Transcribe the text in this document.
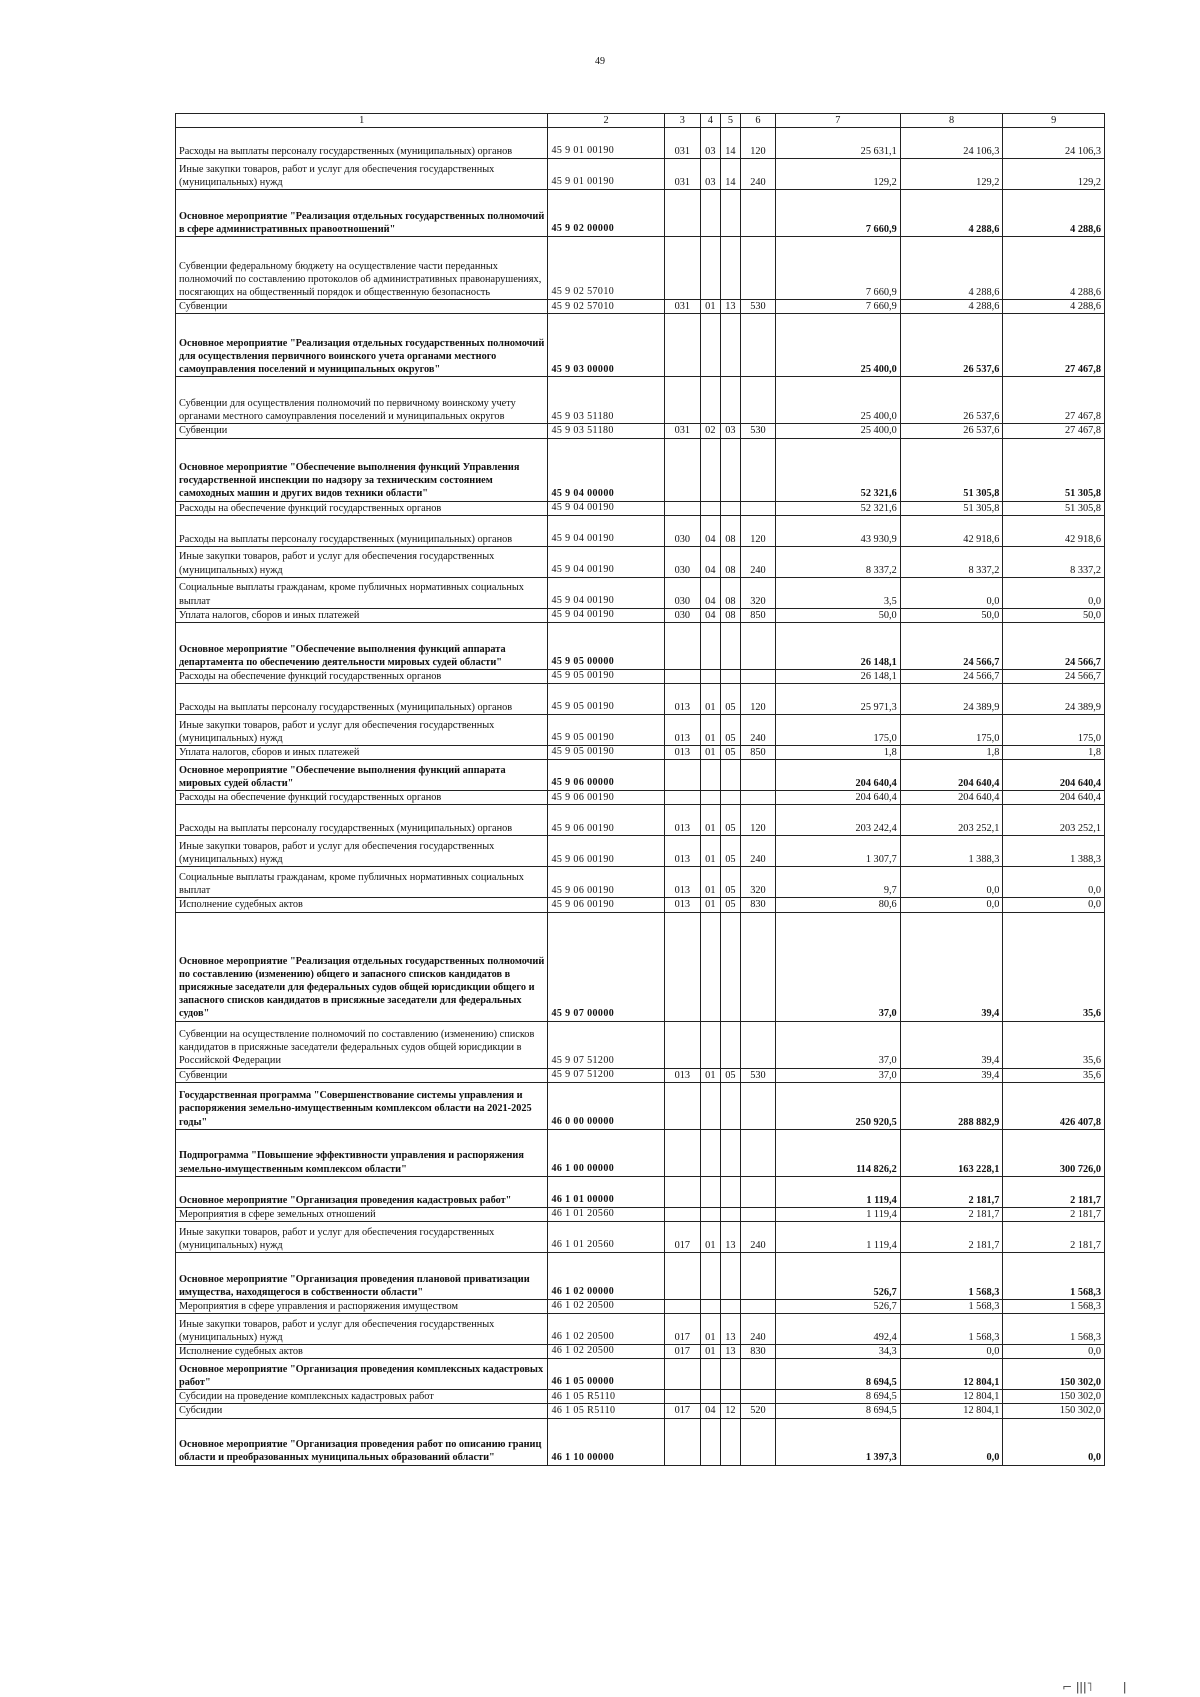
49
1	2	3	4	5	6	7	8	9
Расходы на выплаты персоналу государственных (муниципальных) органов	45 9 01 00190	031	03	14	120	25 631,1	24 106,3	24 106,3
Иные закупки товаров, работ и услуг для обеспечения государственных (муниципальных) нужд	45 9 01 00190	031	03	14	240	129,2	129,2	129,2
Основное мероприятие "Реализация отдельных государственных полномочий в сфере административных правоотношений"	45 9 02 00000					7 660,9	4 288,6	4 288,6
Субвенции федеральному бюджету на осуществление части переданных полномочий по составлению протоколов об административных правонарушениях, посягающих на общественный порядок и общественную безопасность	45 9 02 57010					7 660,9	4 288,6	4 288,6
Субвенции	45 9 02 57010	031	01	13	530	7 660,9	4 288,6	4 288,6
Основное мероприятие "Реализация отдельных государственных полномочий для осуществления первичного воинского учета органами местного самоуправления поселений и муниципальных округов"	45 9 03 00000					25 400,0	26 537,6	27 467,8
Субвенции для осуществления полномочий по первичному воинскому учету органами местного самоуправления поселений и муниципальных округов	45 9 03 51180					25 400,0	26 537,6	27 467,8
Субвенции	45 9 03 51180	031	02	03	530	25 400,0	26 537,6	27 467,8
Основное мероприятие "Обеспечение выполнения функций Управления государственной инспекции по надзору за техническим состоянием самоходных машин и других видов техники области"	45 9 04 00000					52 321,6	51 305,8	51 305,8
Расходы на обеспечение функций государственных органов	45 9 04 00190					52 321,6	51 305,8	51 305,8
Расходы на выплаты персоналу государственных (муниципальных) органов	45 9 04 00190	030	04	08	120	43 930,9	42 918,6	42 918,6
Иные закупки товаров, работ и услуг для обеспечения государственных (муниципальных) нужд	45 9 04 00190	030	04	08	240	8 337,2	8 337,2	8 337,2
Социальные выплаты гражданам, кроме публичных нормативных социальных выплат	45 9 04 00190	030	04	08	320	3,5	0,0	0,0
Уплата налогов, сборов и иных платежей	45 9 04 00190	030	04	08	850	50,0	50,0	50,0
Основное мероприятие "Обеспечение выполнения функций аппарата департамента по обеспечению деятельности мировых судей области"	45 9 05 00000					26 148,1	24 566,7	24 566,7
Расходы на обеспечение функций государственных органов	45 9 05 00190					26 148,1	24 566,7	24 566,7
Расходы на выплаты персоналу государственных (муниципальных) органов	45 9 05 00190	013	01	05	120	25 971,3	24 389,9	24 389,9
Иные закупки товаров, работ и услуг для обеспечения государственных (муниципальных) нужд	45 9 05 00190	013	01	05	240	175,0	175,0	175,0
Уплата налогов, сборов и иных платежей	45 9 05 00190	013	01	05	850	1,8	1,8	1,8
Основное мероприятие "Обеспечение выполнения функций аппарата мировых судей области"	45 9 06 00000					204 640,4	204 640,4	204 640,4
Расходы на обеспечение функций государственных органов	45 9 06 00190					204 640,4	204 640,4	204 640,4
Расходы на выплаты персоналу государственных (муниципальных) органов	45 9 06 00190	013	01	05	120	203 242,4	203 252,1	203 252,1
Иные закупки товаров, работ и услуг для обеспечения государственных (муниципальных) нужд	45 9 06 00190	013	01	05	240	1 307,7	1 388,3	1 388,3
Социальные выплаты гражданам, кроме публичных нормативных социальных выплат	45 9 06 00190	013	01	05	320	9,7	0,0	0,0
Исполнение судебных актов	45 9 06 00190	013	01	05	830	80,6	0,0	0,0
Основное мероприятие "Реализация отдельных государственных полномочий по составлению (изменению) общего и запасного списков кандидатов в присяжные заседатели для федеральных судов общей юрисдикции общего и запасного списков кандидатов в присяжные заседатели для федеральных судов"	45 9 07 00000					37,0	39,4	35,6
Субвенции на осуществление полномочий по составлению (изменению) списков кандидатов в присяжные заседатели федеральных судов общей юрисдикции в Российской Федерации	45 9 07 51200					37,0	39,4	35,6
Субвенции	45 9 07 51200	013	01	05	530	37,0	39,4	35,6
Государственная программа "Совершенствование системы управления и распоряжения земельно-имущественным комплексом области на 2021-2025 годы"	46 0 00 00000					250 920,5	288 882,9	426 407,8
Подпрограмма "Повышение эффективности управления и распоряжения земельно-имущественным комплексом области"	46 1 00 00000					114 826,2	163 228,1	300 726,0
Основное мероприятие "Организация проведения кадастровых работ"	46 1 01 00000					1 119,4	2 181,7	2 181,7
Мероприятия в сфере земельных отношений	46 1 01 20560					1 119,4	2 181,7	2 181,7
Иные закупки товаров, работ и услуг для обеспечения государственных (муниципальных) нужд	46 1 01 20560	017	01	13	240	1 119,4	2 181,7	2 181,7
Основное мероприятие "Организация проведения плановой приватизации имущества, находящегося в собственности области"	46 1 02 00000					526,7	1 568,3	1 568,3
Мероприятия в сфере управления и распоряжения имуществом	46 1 02 20500					526,7	1 568,3	1 568,3
Иные закупки товаров, работ и услуг для обеспечения государственных (муниципальных) нужд	46 1 02 20500	017	01	13	240	492,4	1 568,3	1 568,3
Исполнение судебных актов	46 1 02 20500	017	01	13	830	34,3	0,0	0,0
Основное мероприятие "Организация проведения комплексных кадастровых работ"	46 1 05 00000					8 694,5	12 804,1	150 302,0
Субсидии на проведение комплексных кадастровых работ	46 1 05 R5110					8 694,5	12 804,1	150 302,0
Субсидии	46 1 05 R5110	017	04	12	520	8 694,5	12 804,1	150 302,0
Основное мероприятие "Организация проведения работ по описанию границ области и преобразованных муниципальных образований области"	46 1 10 00000					1 397,3	0,0	0,0
⌐ ǀǀǀ˥        ǀ
